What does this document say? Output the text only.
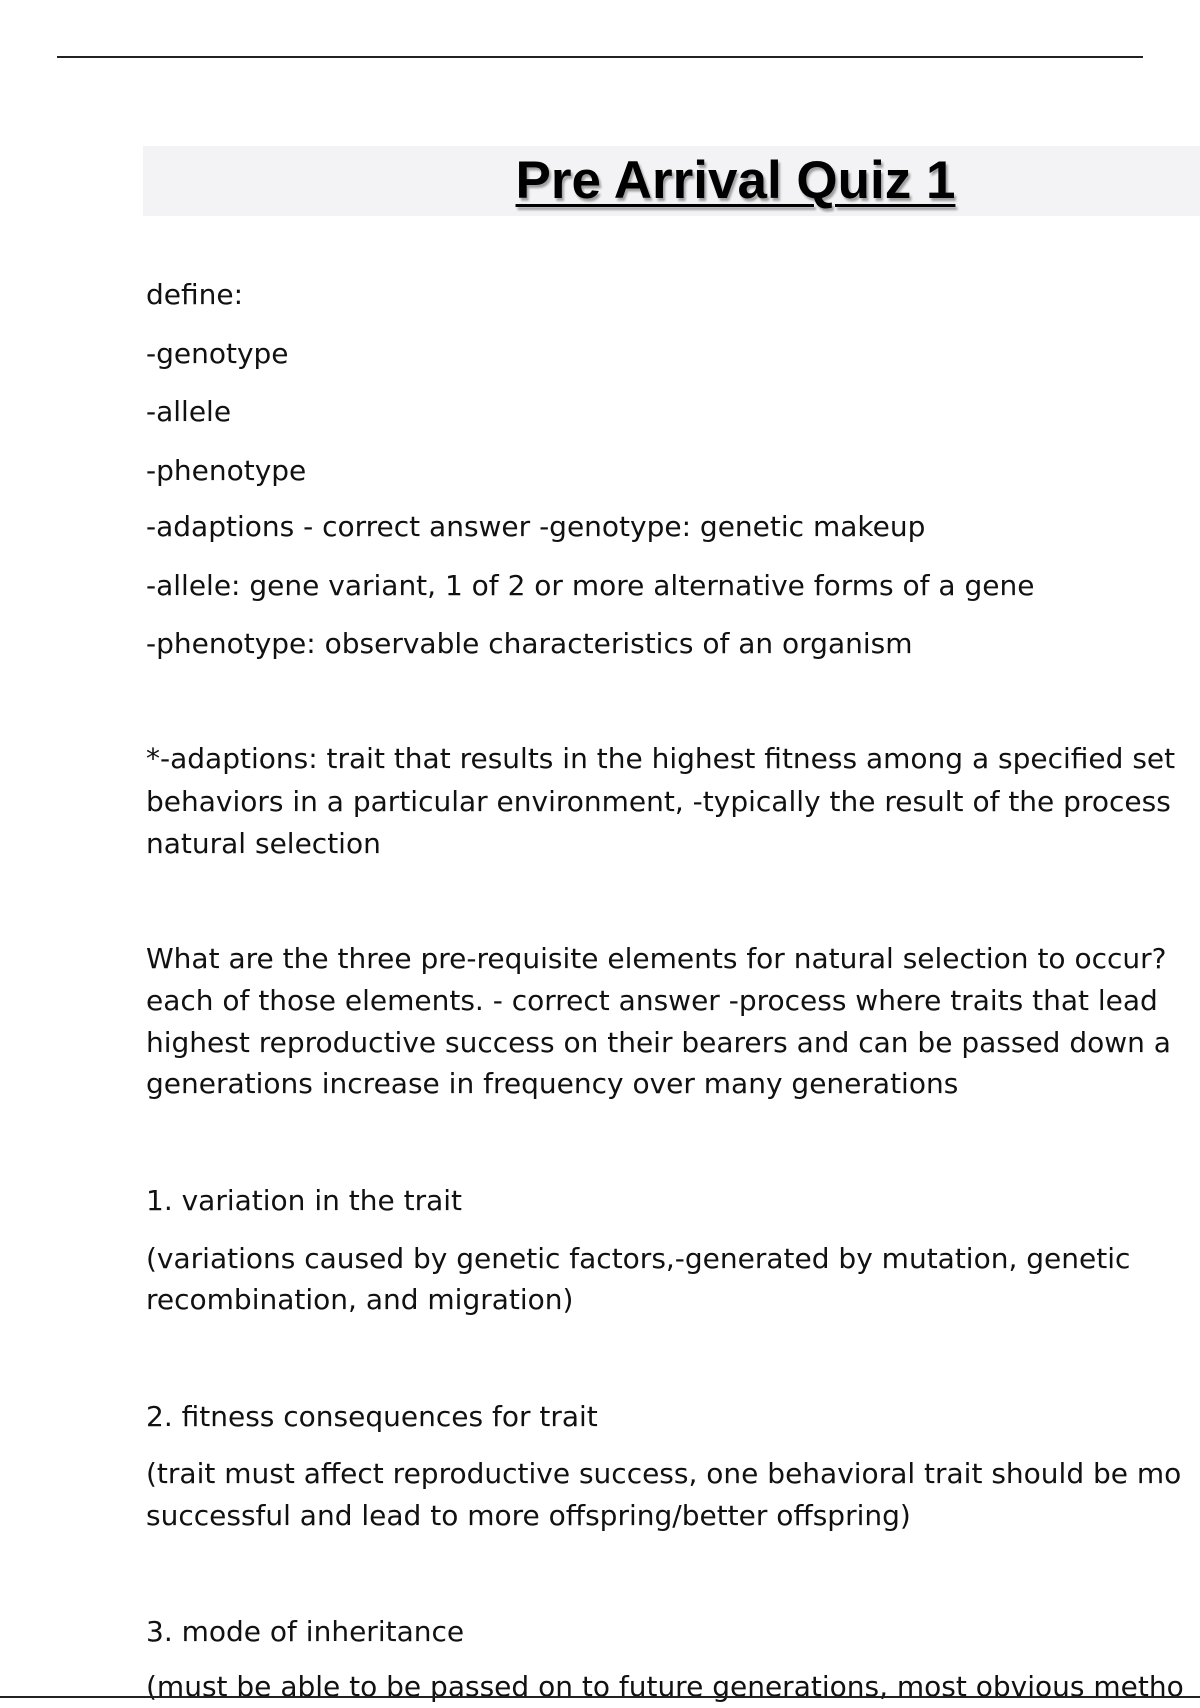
Pre Arrival Quiz 1

define:

-genotype

-allele

-phenotype

-adaptions - correct answer -genotype: genetic makeup

-allele: gene variant, 1 of 2 or more alternative forms of a gene

-phenotype: observable characteristics of an organism

*-adaptions: trait that results in the highest fitness among a specified set

behaviors in a particular environment, -typically the result of the process

natural selection

What are the three pre-requisite elements for natural selection to occur?

each of those elements. - correct answer -process where traits that lead

highest reproductive success on their bearers and can be passed down a

generations increase in frequency over many generations

1. variation in the trait

(variations caused by genetic factors,-generated by mutation, genetic

recombination, and migration)

2. fitness consequences for trait

(trait must affect reproductive success, one behavioral trait should be mo

successful and lead to more offspring/better offspring)

3. mode of inheritance

(must be able to be passed on to future generations, most obvious metho
